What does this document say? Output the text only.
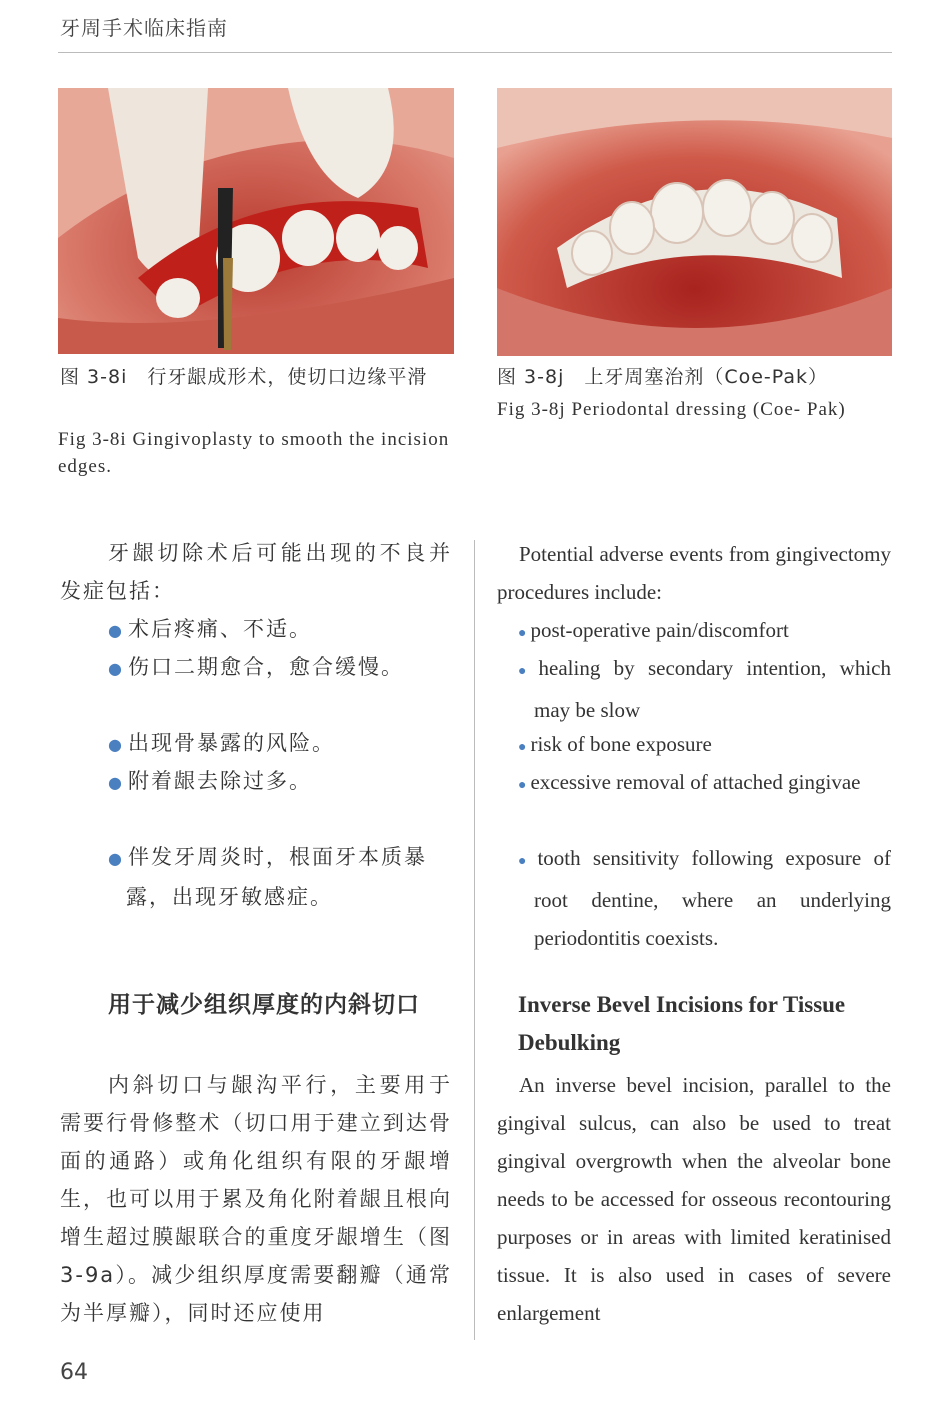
牙周手术临床指南
图 3-8i　行牙龈成形术，使切口边缘平滑
Fig 3-8i Gingivoplasty to smooth the incision edges.
图 3-8j　上牙周塞治剂（Coe-Pak）
Fig 3-8j Periodontal dressing (Coe- Pak)

牙龈切除术后可能出现的不良并发症包括：

● 术后疼痛、不适。
● 伤口二期愈合，愈合缓慢。
● 出现骨暴露的风险。
● 附着龈去除过多。
● 伴发牙周炎时，根面牙本质暴露，出现牙敏感症。
用于减少组织厚度的内斜切口

内斜切口与龈沟平行，主要用于需要行骨修整术（切口用于建立到达骨面的通路）或角化组织有限的牙龈增生，也可以用于累及角化附着龈且根向增生超过膜龈联合的重度牙龈增生（图 3-9a）。减少组织厚度需要翻瓣（通常为半厚瓣），同时还应使用

Potential adverse events from gingivectomy procedures include:

● post-operative pain/discomfort
● healing by secondary intention, which may be slow
● risk of bone exposure
● excessive removal of attached gingivae
● tooth sensitivity following exposure of root dentine, where an underlying periodontitis coexists.
Inverse Bevel Incisions for Tissue Debulking

An inverse bevel incision, parallel to the gingival sulcus, can also be used to treat gingival overgrowth when the alveolar bone needs to be accessed for osseous recontouring purposes or in areas with limited keratinised tissue. It is also used in cases of severe enlargement

64
